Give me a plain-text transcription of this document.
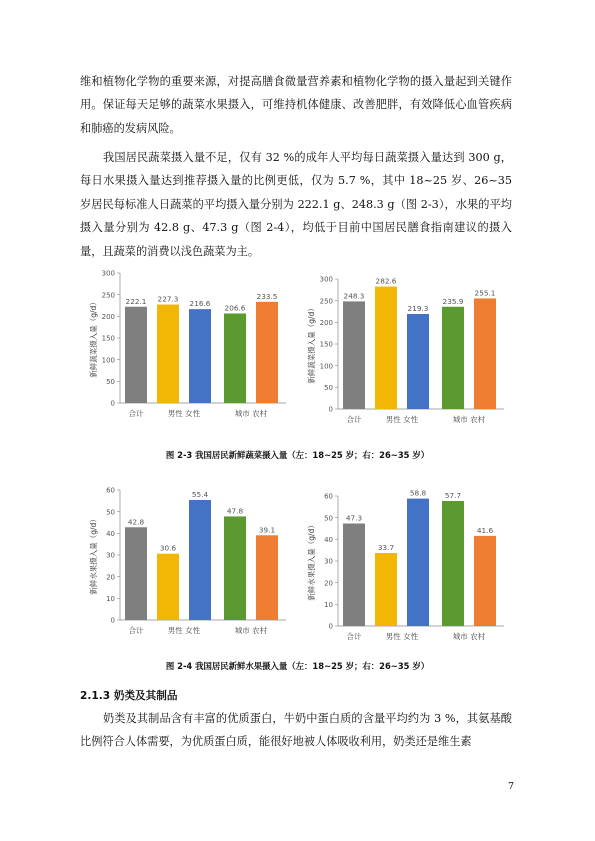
维和植物化学物的重要来源，对提高膳食微量营养素和植物化学物的摄入量起到关键作用。保证每天足够的蔬菜水果摄入，可维持机体健康、改善肥胖，有效降低心血管疾病和肺癌的发病风险。

我国居民蔬菜摄入量不足，仅有 32 %的成年人平均每日蔬菜摄入量达到 300 g，每日水果摄入量达到推荐摄入量的比例更低，仅为 5.7 %，其中 18~25 岁、26~35 岁居民每标准人日蔬菜的平均摄入量分别为 222.1 g、248.3 g（图 2-3），水果的平均摄入量分别为 42.8 g、47.3 g（图 2-4），均低于目前中国居民膳食指南建议的摄入量，且蔬菜的消费以浅色蔬菜为主。

0
50
100
150
200
250
300
新鲜蔬菜摄入量（g/d）	222.1 227.3
216.6 206.6
233.5
合计	男性 女性	城市 农村	0
50
100
150
200
250
300
新鲜蔬菜摄入量（g/d）
248.3
282.6
219.3
235.9
255.1
合计	男性 女性	城市 农村
图 2-3 我国居民新鲜蔬菜摄入量（左：18~25 岁；右：26~35 岁）
0
10
20
30
40
50
60
新鲜水果摄入量（g/d）	42.8
30.6
55.4
47.8
39.1
合计	男性 女性	城市 农村	0
10
20
30
40
50
60
新鲜水果摄入量（g/d）
47.3
33.7
58.8	57.7
41.6
合计	男性 女性	城市 农村
图 2-4 我国居民新鲜水果摄入量（左：18~25 岁；右：26~35 岁）
2.1.3 奶类及其制品

奶类及其制品含有丰富的优质蛋白，牛奶中蛋白质的含量平均约为 3 %，其氨基酸比例符合人体需要，为优质蛋白质，能很好地被人体吸收利用，奶类还是维生素

7
